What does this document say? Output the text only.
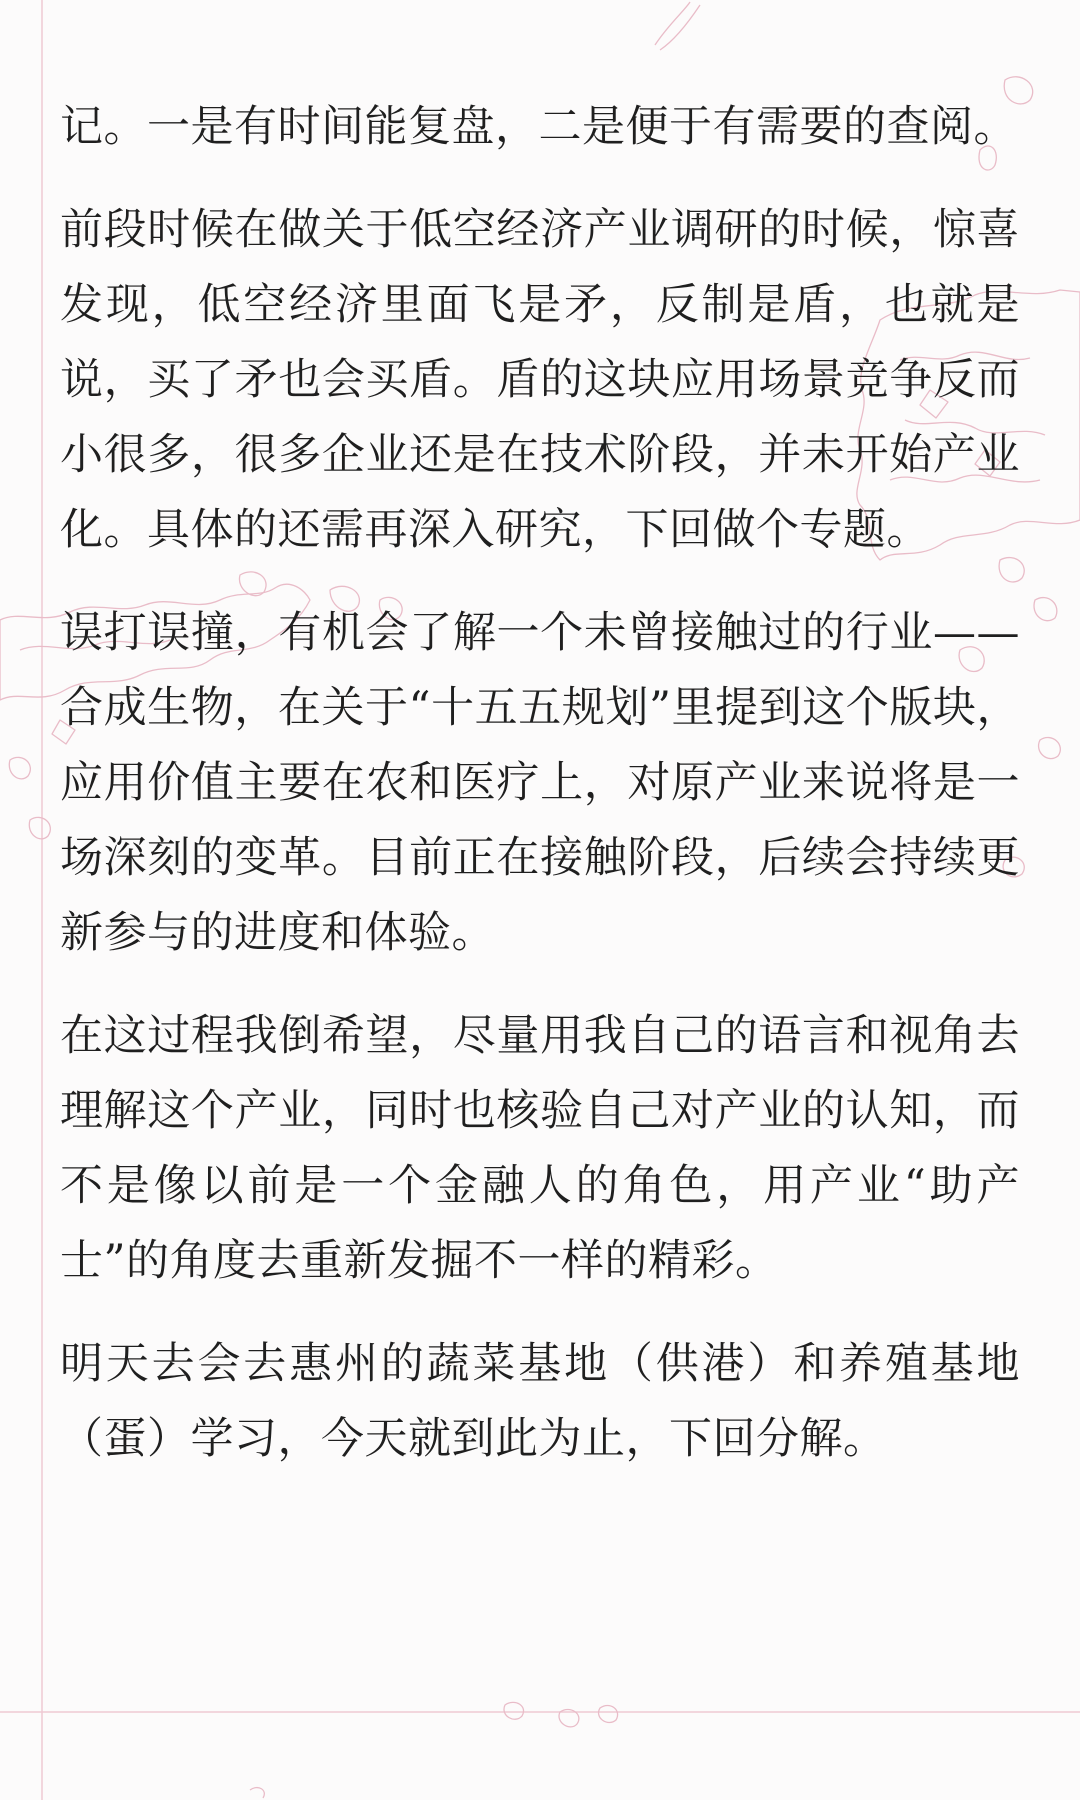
记。一是有时间能复盘，二是便于有需要的查阅。

前段时候在做关于低空经济产业调研的时候，惊喜发现，低空经济里面飞是矛，反制是盾，也就是说，买了矛也会买盾。盾的这块应用场景竞争反而小很多，很多企业还是在技术阶段，并未开始产业化。具体的还需再深入研究，下回做个专题。

误打误撞，有机会了解一个未曾接触过的行业——合成生物，在关于“十五五规划”里提到这个版块，应用价值主要在农和医疗上，对原产业来说将是一场深刻的变革。目前正在接触阶段，后续会持续更新参与的进度和体验。

在这过程我倒希望，尽量用我自己的语言和视角去理解这个产业，同时也核验自己对产业的认知，而不是像以前是一个金融人的角色，用产业“助产士”的角度去重新发掘不一样的精彩。

明天去会去惠州的蔬菜基地（供港）和养殖基地（蛋）学习，今天就到此为止，下回分解。
